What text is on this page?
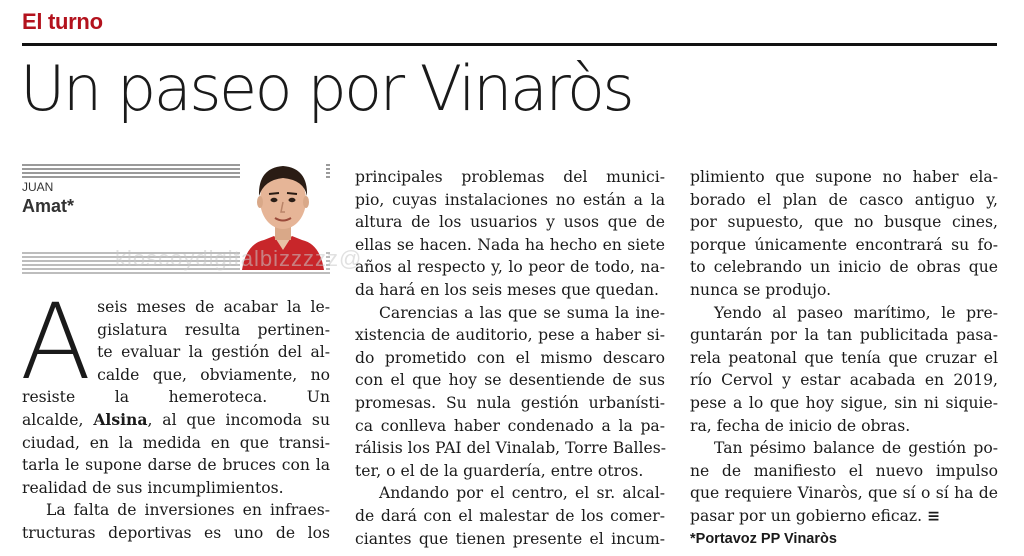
El turno
Un paseo por Vinaròs
JUAN
Amat*
kioscoydigitalbizzzzz@...

A seis meses de acabar la le-
gislatura resulta pertinen-
te evaluar la gestión del al-
calde que, obviamente, no
resiste la hemeroteca. Un
alcalde, Alsina, al que incomoda su
ciudad, en la medida en que transi-
tarla le supone darse de bruces con la
realidad de sus incumplimientos.

La falta de inversiones en infraes-
tructuras deportivas es uno de los

principales problemas del munici-
pio, cuyas instalaciones no están a la
altura de los usuarios y usos que de
ellas se hacen. Nada ha hecho en siete
años al respecto y, lo peor de todo, na-
da hará en los seis meses que quedan.

Carencias a las que se suma la ine-
xistencia de auditorio, pese a haber si-
do prometido con el mismo descaro
con el que hoy se desentiende de sus
promesas. Su nula gestión urbanísti-
ca conlleva haber condenado a la pa-
rálisis los PAI del Vinalab, Torre Balles-
ter, o el de la guardería, entre otros.

Andando por el centro, el sr. alcal-
de dará con el malestar de los comer-
ciantes que tienen presente el incum-

plimiento que supone no haber ela-
borado el plan de casco antiguo y,
por supuesto, que no busque cines,
porque únicamente encontrará su fo-
to celebrando un inicio de obras que
nunca se produjo.

Yendo al paseo marítimo, le pre-
guntarán por la tan publicitada pasa-
rela peatonal que tenía que cruzar el
río Cervol y estar acabada en 2019,
pese a lo que hoy sigue, sin ni siquie-
ra, fecha de inicio de obras.

Tan pésimo balance de gestión po-
ne de manifiesto el nuevo impulso
que requiere Vinaròs, que sí o sí ha de
pasar por un gobierno eficaz. ≡
*Portavoz PP Vinaròs
